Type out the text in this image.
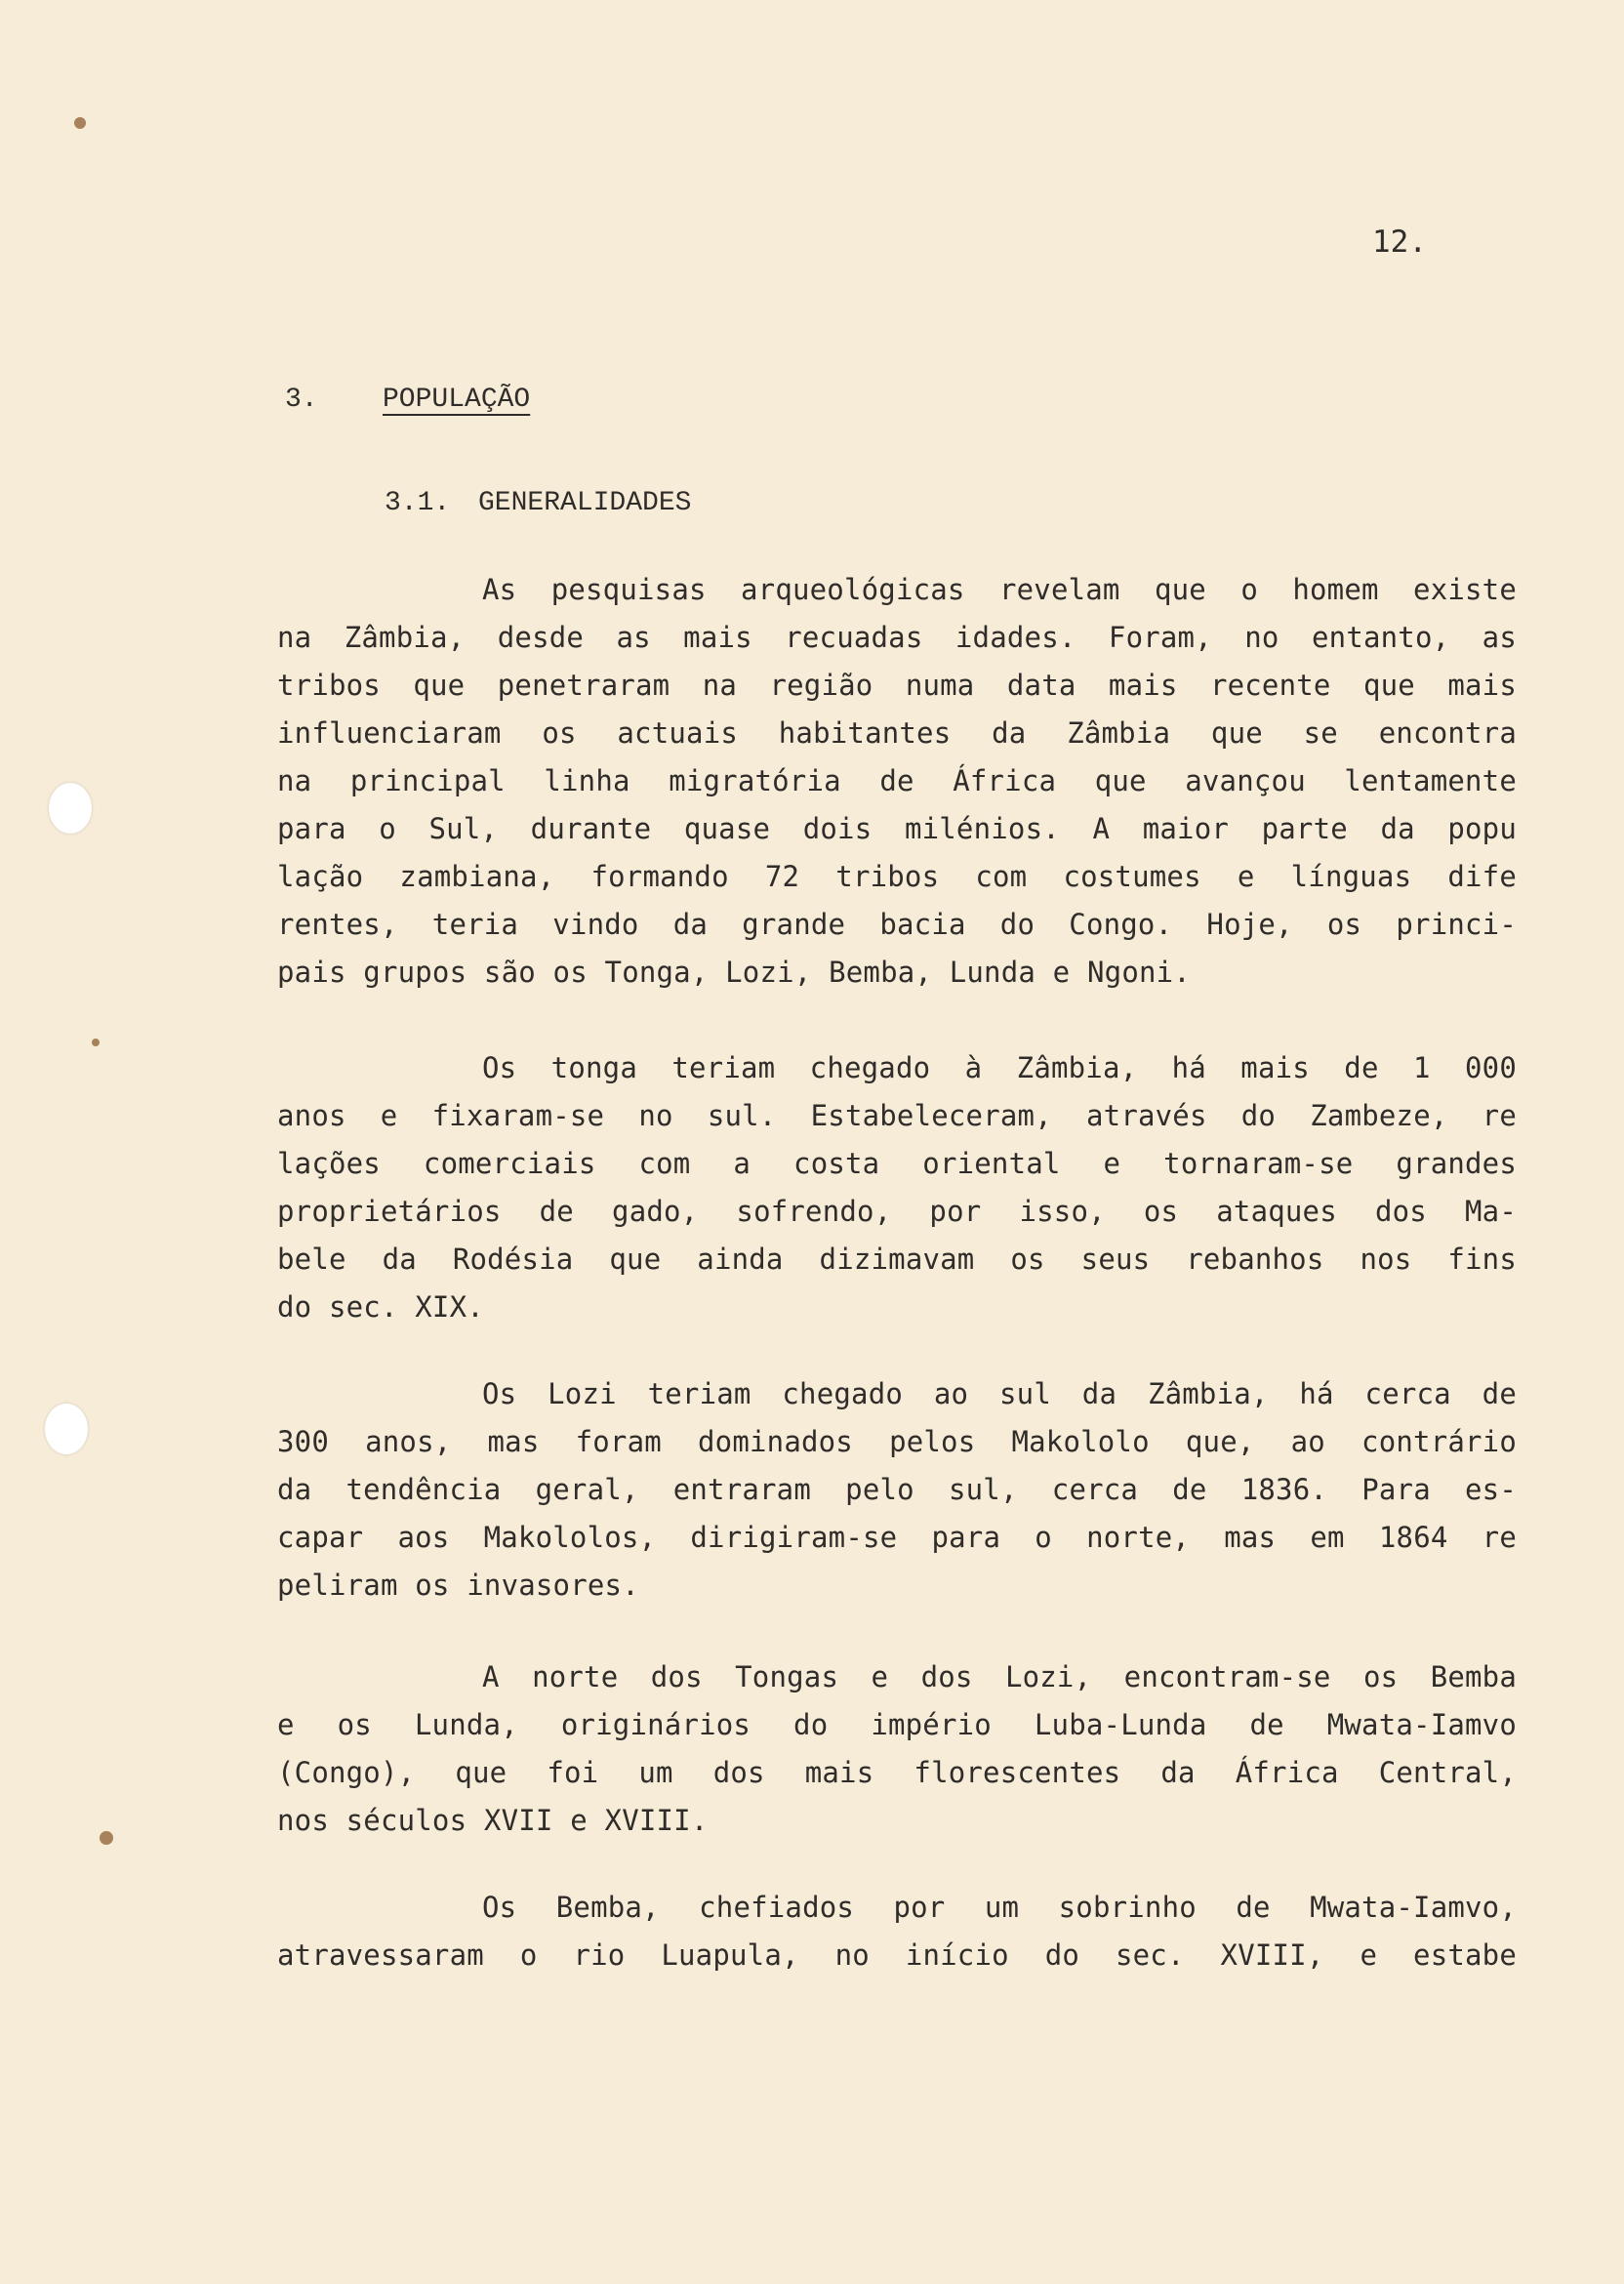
12.
3. POPULAÇÃO
3.1. GENERALIDADES
As pesquisas arqueológicas revelam que o homem existe
na Zâmbia, desde as mais recuadas idades. Foram, no entanto, as
tribos que penetraram na região numa data mais recente que mais
influenciaram os actuais habitantes da Zâmbia que se encontra
na principal linha migratória de África que avançou lentamente
para o Sul, durante quase dois milénios. A maior parte da popu
lação zambiana, formando 72 tribos com costumes e línguas dife
rentes, teria vindo da grande bacia do Congo. Hoje, os princi-
pais grupos são os Tonga, Lozi, Bemba, Lunda e Ngoni.
Os tonga teriam chegado à Zâmbia, há mais de 1 000
anos e fixaram-se no sul. Estabeleceram, através do Zambeze, re
lações comerciais com a costa oriental e tornaram-se grandes
proprietários de gado, sofrendo, por isso, os ataques dos Ma-
bele da Rodésia que ainda dizimavam os seus rebanhos nos fins
do sec. XIX.
Os Lozi teriam chegado ao sul da Zâmbia, há cerca de
300 anos, mas foram dominados pelos Makololo que, ao contrário
da tendência geral, entraram pelo sul, cerca de 1836. Para es-
capar aos Makololos, dirigiram-se para o norte, mas em 1864 re
peliram os invasores.
A norte dos Tongas e dos Lozi, encontram-se os Bemba
e os Lunda, originários do império Luba-Lunda de Mwata-Iamvo
(Congo), que foi um dos mais florescentes da África Central,
nos séculos XVII e XVIII.
Os Bemba, chefiados por um sobrinho de Mwata-Iamvo,
atravessaram o rio Luapula, no início do sec. XVIII, e estabe
